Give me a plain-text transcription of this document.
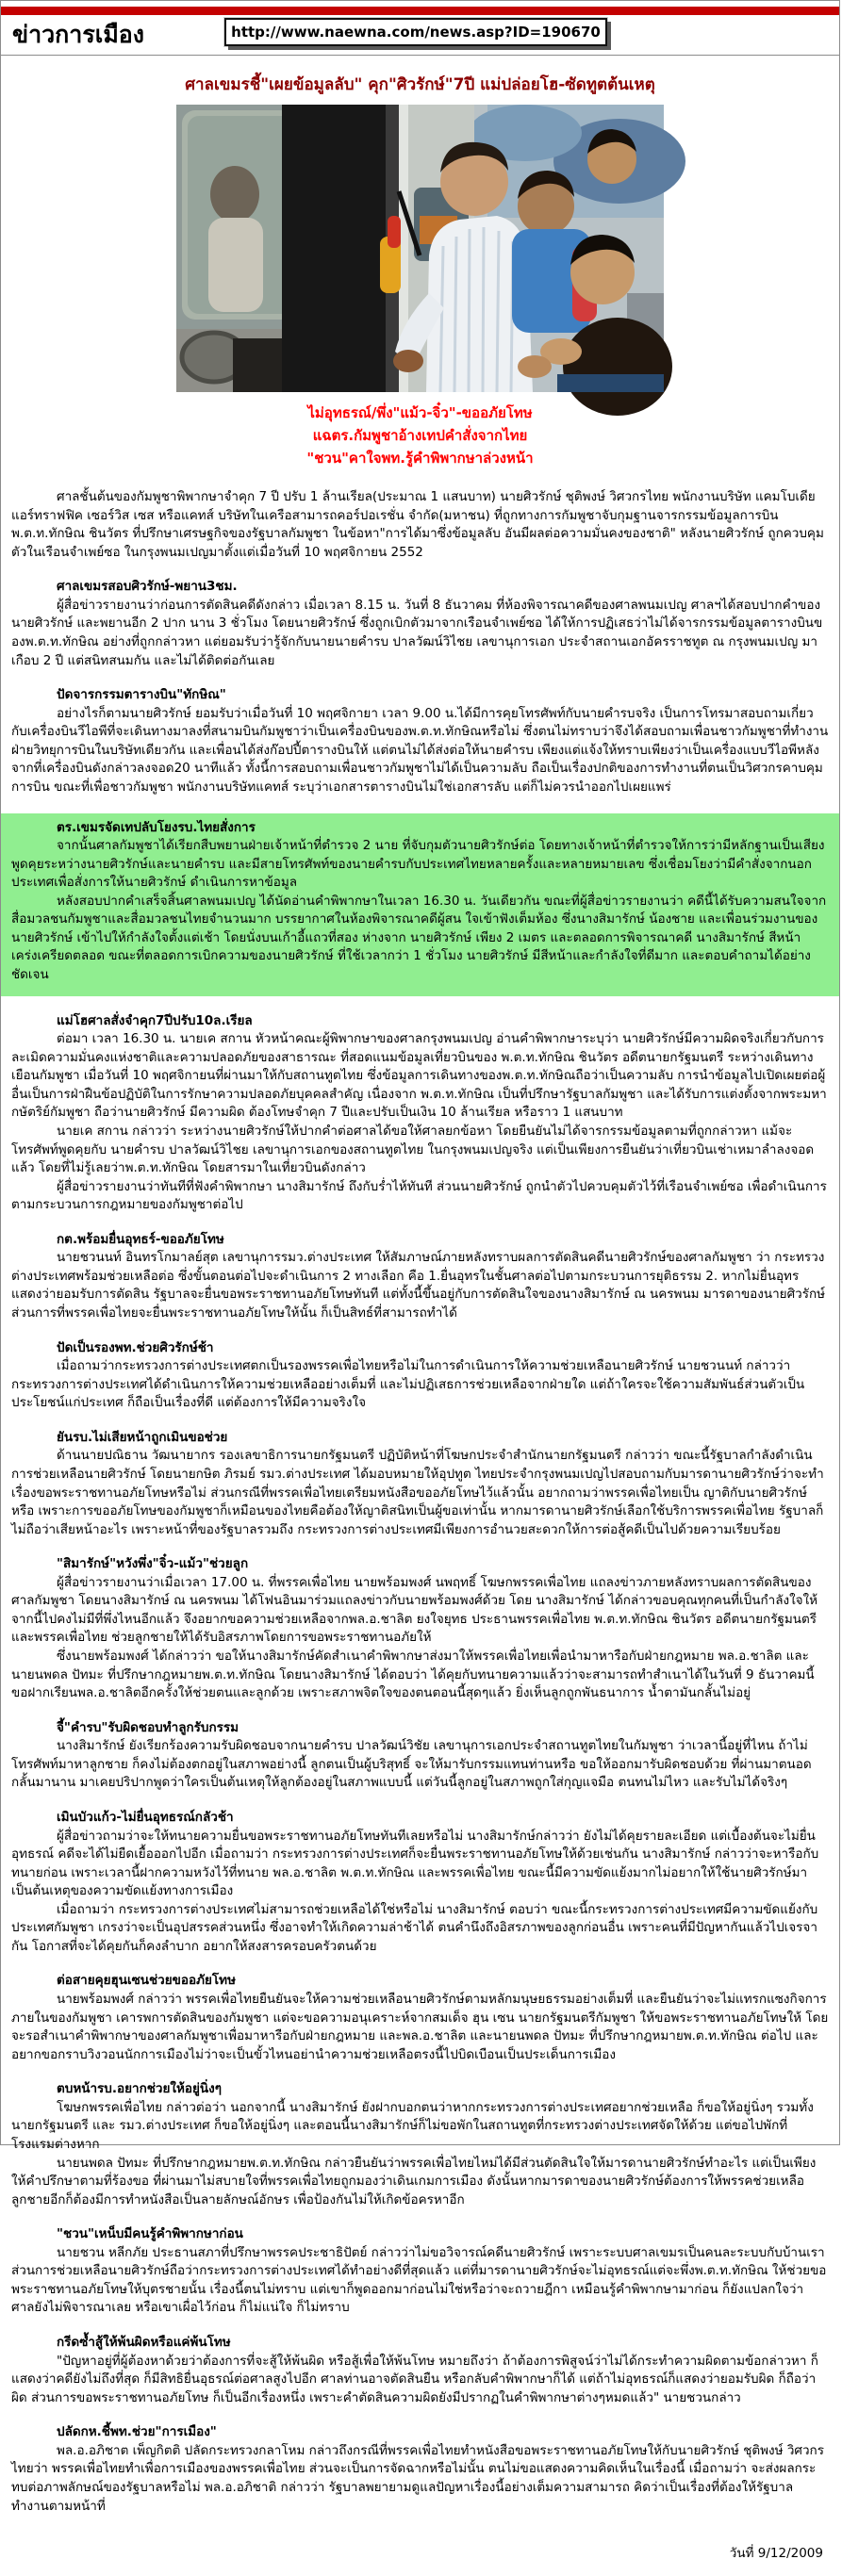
ข่าวการเมือง	http://www.naewna.com/news.asp?ID=190670
ศาลเขมรชี้"เผยข้อมูลลับ" คุก"ศิวรักษ์"7ปี แม่ปล่อยโฮ-ซัดทูตต้นเหตุ
ไม่อุทธรณ์/พึ่ง"แม้ว-จิ๋ว"-ขออภัยโทษ
แฉตร.กัมพูชาอ้างเทปคำสั่งจากไทย
"ชวน"คาใจพท.รู้คำพิพากษาล่วงหน้า

ศาลชั้นต้นของกัมพูชาพิพากษาจำคุก 7 ปี ปรับ 1 ล้านเรียล(ประมาณ 1 แสนบาท) นายศิวรักษ์ ชุติพงษ์ วิศวกรไทย พนักงานบริษัท แคมโบเดีย แอร์ทราฟฟิค เซอร์วิส เซส หรือแคทส์ บริษัทในเครือสามารถคอร์ปอเรชั่น จำกัด(มหาชน) ที่ถูกทางการกัมพูชาจับกุมฐานจารกรรมข้อมูลการบิน พ.ต.ท.ทักษิณ ชินวัตร ที่ปรึกษาเศรษฐกิจของรัฐบาลกัมพูชา ในข้อหา"การได้มาซึ่งข้อมูลลับ อันมีผลต่อความมั่นคงของชาติ" หลังนายศิวรักษ์ ถูกควบคุมตัวในเรือนจำเพย์ซอ ในกรุงพนมเปญมาตั้งแต่เมื่อวันที่ 10 พฤศจิกายน 2552

ศาลเขมรสอบศิวรักษ์-พยาน3ชม.

ผู้สื่อข่าวรายงานว่าก่อนการตัดสินคดีดังกล่าว เมื่อเวลา 8.15 น. วันที่ 8 ธันวาคม ที่ห้องพิจารณาคดีของศาลพนมเปญ ศาลฯได้สอบปากคำของนายศิวรักษ์ และพยานอีก 2 ปาก นาน 3 ชั่วโมง โดยนายศิวรักษ์ ซึ่งถูกเบิกตัวมาจากเรือนจำเพย์ซอ ได้ให้การปฏิเสธว่าไม่ได้จารกรรมข้อมูลตารางบินของพ.ต.ท.ทักษิณ อย่างที่ถูกกล่าวหา แต่ยอมรับว่ารู้จักกับนายนายคำรบ ปาลวัฒน์วิไชย เลขานุการเอก ประจำสถานเอกอัครราชทูต ณ กรุงพนมเปญ มาเกือบ 2 ปี แต่สนิทสนมกัน และไม่ได้ติดต่อกันเลย

ปัดจารกรรมตารางบิน"ทักษิณ"

อย่างไรก็ตามนายศิวรักษ์ ยอมรับว่าเมื่อวันที่ 10 พฤศจิกายา เวลา 9.00 น.ได้มีการคุยโทรศัพท์กับนายคำรบจริง เป็นการโทรมาสอบถามเกี่ยวกับเครื่องบินวีไอพีที่จะเดินทางมาลงที่สนามบินกัมพูชาว่าเป็นเครื่องบินของพ.ต.ท.ทักษิณหรือไม่ ซึ่งตนไม่ทราบว่าจึงได้สอบถามเพื่อนชาวกัมพูชาที่ทำงานฝ่ายวิทยุการบินในบริษัทเดียวกัน และเพื่อนได้ส่งก๊อปปี้ตารางบินให้ แต่ตนไม่ได้ส่งต่อให้นายคำรบ เพียงแต่แจ้งให้ทราบเพียงว่าเป็นเครื่องแบบวีไอพีหลังจากที่เครื่องบินดังกล่าวลงจอด20 นาทีแล้ว ทั้งนี้การสอบถามเพื่อนชาวกัมพูชาไม่ได้เป็นความลับ ถือเป็นเรื่องปกติของการทำงานที่ตนเป็นวิศวกรคาบคุมการบิน ขณะที่เพื่อชาวกัมพูชา พนักงานบริษัทแคทส์ ระบุว่าเอกสารตารางบินไม่ใช่เอกสารลับ แต่ก็ไม่ควรนำออกไปเผยแพร่

ตร.เขมรจัดเทปลับโยงรบ.ไทยสั่งการ

จากนั้นศาลกัมพูชาได้เรียกสืบพยานฝ่ายเจ้าหน้าที่ตำรวจ 2 นาย ที่จับกุมตัวนายศิวรักษ์ต่อ โดยทางเจ้าหน้าที่ตำรวจให้การว่ามีหลักฐานเป็นเสียงพูดคุยระหว่างนายศิวรักษ์และนายคำรบ และมีสายโทรศัพท์ของนายคำรบกับประเทศไทยหลายครั้งและหลายหมายเลข ซึ่งเชื่อมโยงว่ามีคำสั่งจากนอกประเทศเพื่อสั่งการให้นายศิวรักษ์ ดำเนินการหาข้อมูล

หลังสอบปากคำเสร็จสิ้นศาลพนมเปญ ได้นัดอ่านคำพิพากษาในเวลา 16.30 น. วันเดียวกัน ขณะที่ผู้สื่อข่าวรายงานว่า คดีนี้ได้รับความสนใจจากสื่อมวลชนกัมพูชาและสื่อมวลชนไทยจำนวนมาก บรรยากาศในห้องพิจารณาคดีผู้สน ใจเข้าฟังเต็มห้อง ซึ่งนางสิมารักษ์ น้องชาย และเพื่อนร่วมงานของนายศิวรักษ์ เข้าไปให้กำลังใจตั้งแต่เช้า โดยนั่งบนเก้าอี้แถวที่สอง ห่างจาก นายศิวรักษ์ เพียง 2 เมตร และตลอดการพิจารณาคดี นางสิมารักษ์ สีหน้าเคร่งเครียดตลอด ขณะที่ตลอดการเบิกความของนายศิวรักษ์ ที่ใช้เวลากว่า 1 ชั่วโมง นายศิวรักษ์ มีสีหน้าและกำลังใจที่ดีมาก และตอบคำถามได้อย่างชัดเจน

แม่โฮศาลสั่งจำคุก7ปีปรับ10ล.เรียล

ต่อมา เวลา 16.30 น. นายเค สกาน หัวหน้าคณะผู้พิพากษาของศาลกรุงพนมเปญ อ่านคำพิพากษาระบุว่า นายศิวรักษ์มีความผิดจริงเกี่ยวกับการละเมิดความมั่นคงแห่งชาติและความปลอดภัยของสาธารณะ ที่สอดแนมข้อมูลเที่ยวบินของ พ.ต.ท.ทักษิณ ชินวัตร อดีตนายกรัฐมนตรี ระหว่างเดินทางเยือนกัมพูชา เมื่อวันที่ 10 พฤศจิกายนที่ผ่านมาให้กับสถานทูตไทย ซึ่งข้อมูลการเดินทางของพ.ต.ท.ทักษิณถือว่าเป็นความลับ การนำข้อมูลไปเปิดเผยต่อผู้อื่นเป็นการฝ่าฝืนข้อปฏิบัติในการรักษาความปลอดภัยบุคคลสำคัญ เนื่องจาก พ.ต.ท.ทักษิณ เป็นที่ปรึกษารัฐบาลกัมพูชา และได้รับการแต่งตั้งจากพระมหากษัตริย์กัมพูชา ถือว่านายศิวรักษ์ มีความผิด ต้องโทษจำคุก 7 ปีและปรับเป็นเงิน 10 ล้านเรียล หรือราว 1 แสนบาท

นายเค สกาน กล่าวว่า ระหว่างนายศิวรักษ์ให้ปากคำต่อศาลได้ขอให้ศาลยกข้อหา โดยยืนยันไม่ได้จารกรรมข้อมูลตามที่ถูกกล่าวหา แม้จะโทรศัพท์พูดคุยกับ นายคำรบ ปาลวัฒน์วิไชย เลขานุการเอกของสถานทูตไทย ในกรุงพนมเปญจริง แต่เป็นเพียงการยืนยันว่าเที่ยวบินเช่าเหมาลำลงจอดแล้ว โดยที่ไม่รู้เลยว่าพ.ต.ท.ทักษิณ โดยสารมาในเที่ยวบินดังกล่าว

ผู้สื่อข่าวรายงานว่าทันทีที่ฟังคำพิพากษา นางสิมารักษ์ ถึงกับร่ำไห้ทันที ส่วนนายศิวรักษ์ ถูกนำตัวไปควบคุมตัวไว้ที่เรือนจำเพย์ซอ เพื่อดำเนินการตามกระบวนการกฎหมายของกัมพูชาต่อไป

กต.พร้อมยื่นอุทธร์-ขออภัยโทษ

นายชวนนท์ อินทรโกมาลย์สุต เลขานุการรมว.ต่างประเทศ ให้สัมภาษณ์ภายหลังทราบผลการตัดสินคดีนายศิวรักษ์ของศาลกัมพูชา ว่า กระทรวงต่างประเทศพร้อมช่วยเหลือต่อ ซึ่งขั้นตอนต่อไปจะดำเนินการ 2 ทางเลือก คือ 1.ยื่นอุทรในชั้นศาลต่อไปตามกระบวนการยุติธรรม 2. หากไม่ยื่นอุทรแสดงว่ายอมรับการตัดสิน รัฐบาลจะยื่นขอพระราชทานอภัยโทษทันที แต่ทั้งนี้ขึ้นอยู่กับการตัดสินใจของนางสิมารักษ์ ณ นครพนม มารดาของนายศิวรักษ์ ส่วนการที่พรรคเพื่อไทยจะยื่นพระราชทานอภัยโทษให้นั้น ก็เป็นสิทธ์ที่สามารถทำได้

ปัดเป็นรองพท.ช่วยศิวรักษ์ช้า

เมื่อถามว่ากระทรวงการต่างประเทศตกเป็นรองพรรคเพื่อไทยหรือไม่ในการดำเนินการให้ความช่วยเหลือนายศิวรักษ์ นายชวนนท์ กล่าวว่า กระทรวงการต่างประเทศได้ดำเนินการให้ความช่วยเหลืออย่างเต็มที่ และไม่ปฏิเสธการช่วยเหลือจากฝ่ายใด แต่ถ้าใครจะใช้ความสัมพันธ์ส่วนตัวเป็นประโยชน์แก่ประเทศ ก็ถือเป็นเรื่องที่ดี แต่ต้องการให้มีความจริงใจ

ยันรบ.ไม่เสียหน้าถูกเมินขอช่วย

ด้านนายปณิธาน วัฒนายากร รองเลขาธิการนายกรัฐมนตรี ปฏิบัติหน้าที่โฆษกประจำสำนักนายกรัฐมนตรี กล่าวว่า ขณะนี้รัฐบาลกำลังดำเนินการช่วยเหลือนายศิวรักษ์ โดยนายกษิต ภิรมย์ รมว.ต่างประเทศ ได้มอบหมายให้อุปทูต ไทยประจำกรุงพนมเปญไปสอบถามกับมารดานายศิวรักษ์ว่าจะทำเรื่องขอพระราชทานอภัยโทษหรือไม่ ส่วนกรณีที่พรรคเพื่อไทยเตรียมหนังสือขออภัยโทษไว้แล้วนั้น อยากถามว่าพรรคเพื่อไทยเป็น ญาติกับนายศิวรักษ์หรือ เพราะการขออภัยโทษของกัมพูชาก็เหมือนของไทยคือต้องให้ญาติสนิทเป็นผู้ขอเท่านั้น หากมารดานายศิวรักษ์เลือกใช้บริการพรรคเพื่อไทย รัฐบาลก็ไม่ถือว่าเสียหน้าอะไร เพราะหน้าที่ของรัฐบาลรวมถึง กระทรวงการต่างประเทศมีเพียงการอำนวยสะดวกให้การต่อสู้คดีเป็นไปด้วยความเรียบร้อย

"สิมารักษ์"หวังพึ่ง"จิ๋ว-แม้ว"ช่วยลูก

ผู้สื่อข่าวรายงานว่าเมื่อเวลา 17.00 น. ที่พรรคเพื่อไทย นายพร้อมพงศ์ นพฤทธิ์ โฆษกพรรคเพื่อไทย แถลงข่าวภายหลังทราบผลการตัดสินของศาลกัมพูชา โดยนางสิมารักษ์ ณ นครพนม ได้โฟนอินมาร่วมแถลงข่าวกับนายพร้อมพงศ์ด้วย โดย นางสิมารักษ์ ได้กล่าวขอบคุณทุกคนที่เป็นกำลังใจให้ จากนี้ไปคงไม่มีที่พึ่งไหนอีกแล้ว จึงอยากขอความช่วยเหลือจากพล.อ.ชาลิต ยงใจยุทธ ประธานพรรคเพื่อไทย พ.ต.ท.ทักษิณ ชินวัตร อดีตนายกรัฐมนตรี และพรรคเพื่อไทย ช่วยลูกชายให้ได้รับอิสรภาพโดยการขอพระราชทานอภัยให้

ซึ่งนายพร้อมพงศ์ ได้กล่าวว่า ขอให้นางสิมารักษ์คัดสำเนาคำพิพากษาส่งมาให้พรรคเพื่อไทยเพื่อนำมาหารือกับฝ่ายกฎหมาย พล.อ.ชาลิต และนายนพดล ปัทมะ ที่ปรึกษากฎหมายพ.ต.ท.ทักษิณ โดยนางสิมารักษ์ ได้ตอบว่า ได้คุยกับทนายความแล้วว่าจะสามารถทำสำเนาได้ในวันที่ 9 ธันวาคมนี้ ขอฝากเรียนพล.อ.ชาลิตอีกครั้งให้ช่วยตนและลูกด้วย เพราะสภาพจิตใจของตนตอนนี้สุดๆแล้ว ยิ่งเห็นลูกถูกพันธนาการ น้ำตามันกลั้นไม่อยู่

จี้"คำรบ"รับผิดชอบทำลูกรับกรรม

นางสิมารักษ์ ยังเรียกร้องความรับผิดชอบจากนายคำรบ ปาลวัฒน์วิชัย เลขานุการเอกประจำสถานทูตไทยในกัมพูชา ว่าเวลานี้อยู่ที่ไหน ถ้าไม่โทรศัพท์มาหาลูกชาย ก็คงไม่ต้องตกอยู่ในสภาพอย่างนี้ ลูกตนเป็นผู้บริสุทธิ์ จะให้มารับกรรมแทนท่านหรือ ขอให้ออกมารับผิดชอบด้วย ที่ผ่านมาตนอดกลั้นมานาน มาเคยปริปากพูดว่าใครเป็นต้นเหตุให้ลูกต้องอยู่ในสภาพแบบนี้ แต่วันนี้ลูกอยู่ในสภาพถูกใส่กุญแจมือ ตนทนไม่ไหว และรับไม่ได้จริงๆ

เมินบัวแก้ว-ไม่ยื่นอุทธรณ์กลัวช้า

ผู้สื่อข่าวถามว่าจะให้ทนายความยื่นขอพระราชทานอภัยโทษทันทีเลยหรือไม่ นางสิมารักษ์กล่าวว่า ยังไม่ได้คุยรายละเอียด แต่เบื้องต้นจะไม่ยื่นอุทธรณ์ คดีจะได้ไม่ยืดเยื้อออกไปอีก เมื่อถามว่า กระทรวงการต่างประเทศก็จะยื่นพระราชทานอภัยโทษให้ด้วยเช่นกัน นางสิมารักษ์ กล่าวว่าจะหารือกับทนายก่อน เพราะเวลานี้ฝากความหวังไว้ที่ทนาย พล.อ.ชาลิต พ.ต.ท.ทักษิณ และพรรคเพื่อไทย ขณะนี้มีความขัดแย้งมากไม่อยากให้ใช้นายศิวรักษ์มาเป็นต้นเหตุของความขัดแย้งทางการเมือง

เมื่อถามว่า กระทรวงการต่างประเทศไม่สามารถช่วยเหลือได้ใช่หรือไม่ นางสิมารักษ์ ตอบว่า ขณะนี้กระทรวงการต่างประเทศมีความขัดแย้งกับประเทศกัมพูชา เกรงว่าจะเป็นอุปสรรคส่วนหนึ่ง ซึ่งอาจทำให้เกิดความล่าช้าได้ ตนคำนึงถึงอิสรภาพของลูกก่อนอื่น เพราะคนที่มีปัญหากันแล้วไปเจรจากัน โอกาสที่จะได้คุยกันก็คงลำบาก อยากให้สงสารครอบครัวตนด้วย

ต่อสายคุยฮุนเซนช่วยขออภัยโทษ

นายพร้อมพงศ์ กล่าวว่า พรรคเพื่อไทยยืนยันจะให้ความช่วยเหลือนายศิวรักษ์ตามหลักมนุษยธรรมอย่างเต็มที่ และยืนยันว่าจะไม่แทรกแซงกิจการภายในของกัมพูชา เคารพการตัดสินของกัมพูชา แต่จะขอความอนุเคราะห์จากสมเด็จ ฮุน เซน นายกรัฐมนตรีกัมพูชา ให้ขอพระราชทานอภัยโทษให้ โดยจะรอสำเนาคำพิพากษาของศาลกัมพูชาเพื่อมาหารือกับฝ่ายกฎหมาย และพล.อ.ชาลิต และนายนพดล ปัทมะ ที่ปรึกษากฎหมายพ.ต.ท.ทักษิณ ต่อไป และอยากขอกราบวิงวอนนักการเมืองไม่ว่าจะเป็นขั้วไหนอย่านำความช่วยเหลือตรงนี้ไปบิดเบือนเป็นประเด็นการเมือง

ตบหน้ารบ.อยากช่วยให้อยู่นิ่งๆ

โฆษกพรรคเพื่อไทย กล่าวต่อว่า นอกจากนี้ นางสิมารักษ์ ยังฝากบอกตนว่าหากกระทรวงการต่างประเทศอยากช่วยเหลือ ก็ขอให้อยู่นิ่งๆ รวมทั้งนายกรัฐมนตรี และ รมว.ต่างประเทศ ก็ขอให้อยู่นิ่งๆ และตอนนี้นางสิมารักษ์ก็ไม่ขอพักในสถานทูตที่กระทรวงต่างประเทศจัดให้ด้วย แต่ขอไปพักที่โรงแรมต่างหาก

นายนพดล ปัทมะ ที่ปรึกษากฎหมายพ.ต.ท.ทักษิณ กล่าวยืนยันว่าพรรคเพื่อไทยไหม่ได้มีส่วนตัดสินใจให้มารดานายศิวรักษ์ทำอะไร แต่เป็นเพียงให้คำปรึกษาตามที่ร้องขอ ที่ผ่านมาไม่สบายใจที่พรรคเพื่อไทยถูกมองว่าเดินเกมการเมือง ดังนั้นหากมารดาของนายศิวรักษ์ต้องการให้พรรคช่วยเหลือลูกชายอีกก็ต้องมีการทำหนังสือเป็นลายลักษณ์อักษร เพื่อป้องกันไม่ให้เกิดข้อครหาอีก

"ชวน"เหน็บมีคนรู้คำพิพากษาก่อน

นายชวน หลีกภัย ประธานสภาที่ปรึกษาพรรคประชาธิปัตย์ กล่าวว่าไม่ขอวิจารณ์คดีนายศิวรักษ์ เพราะระบบศาลเขมรเป็นคนละระบบกับบ้านเรา ส่วนการช่วยเหลือนายศิวรักษ์ถือว่ากระทรวงการต่างประเทศได้ทำอย่างดีที่สุดแล้ว แต่ที่มารดานายศิวรักษ์จะไม่อุทธรณ์แต่จะพึ่งพ.ต.ท.ทักษิณ ให้ช่วยขอพระราชทานอภัยโทษให้บุตรชายนั้น เรื่องนี้ตนไม่ทราบ แต่เขาก็พูดออกมาก่อนไม่ใช่หรือว่าจะถวายฎีกา เหมือนรู้คำพิพากษามาก่อน ก็ยังแปลกใจว่า ศาลยังไม่พิจารณาเลย หรือเขาเผื่อไว้ก่อน ก็ไม่แน่ใจ ก็ไม่ทราบ

กรีดซ้ำสู้ให้พ้นผิดหรือแค่พ้นโทษ

"ปัญหาอยู่ที่ผู้ต้องหาด้วยว่าต้องการที่จะสู้ให้พ้นผิด หรือสู้เพื่อให้พ้นโทษ หมายถึงว่า ถ้าต้องการพิสูจน์ว่าไม่ได้กระทำความผิดตามข้อกล่าวหา ก็แสดงว่าคดียังไม่ถึงที่สุด ก็มีสิทธิยื่นอุธรณ์ต่อศาลสูงไปอีก ศาลท่านอาจตัดสินยืน หรือกลับคำพิพากษาก็ได้ แต่ถ้าไม่อุทธรณ์ก็แสดงว่ายอมรับผิด ก็ถือว่าผิด ส่วนการขอพระราชทานอภัยโทษ ก็เป็นอีกเรื่องหนึ่ง เพราะคำตัดสินความผิดยังมีปรากฏในคำพิพากษาต่างๆหมดแล้ว" นายชวนกล่าว

ปลัดกห.ชี้พท.ช่วย"การเมือง"

พล.อ.อภิชาต เพ็ญกิตติ ปลัดกระทรวงกลาโหม กล่าวถึงกรณีที่พรรคเพื่อไทยทำหนังสือขอพระราชทานอภัยโทษให้กับนายศิวรักษ์ ชุติพงษ์ วิศวกรไทยว่า พรรคเพื่อไทยทำเพื่อการเมืองของพรรคเพื่อไทย ส่วนจะเป็นการจัดฉากหรือไม่นั้น ตนไม่ขอแสดงความคิดเห็นในเรื่องนี้ เมื่อถามว่า จะส่งผลกระทบต่อภาพลักษณ์ของรัฐบาลหรือไม่ พล.อ.อภิชาติ กล่าวว่า รัฐบาลพยายามดูแลปัญหาเรื่องนี้อย่างเต็มความสามารถ คิดว่าเป็นเรื่องที่ต้องให้รัฐบาลทำงานตามหน้าที่

วันที่ 9/12/2009
